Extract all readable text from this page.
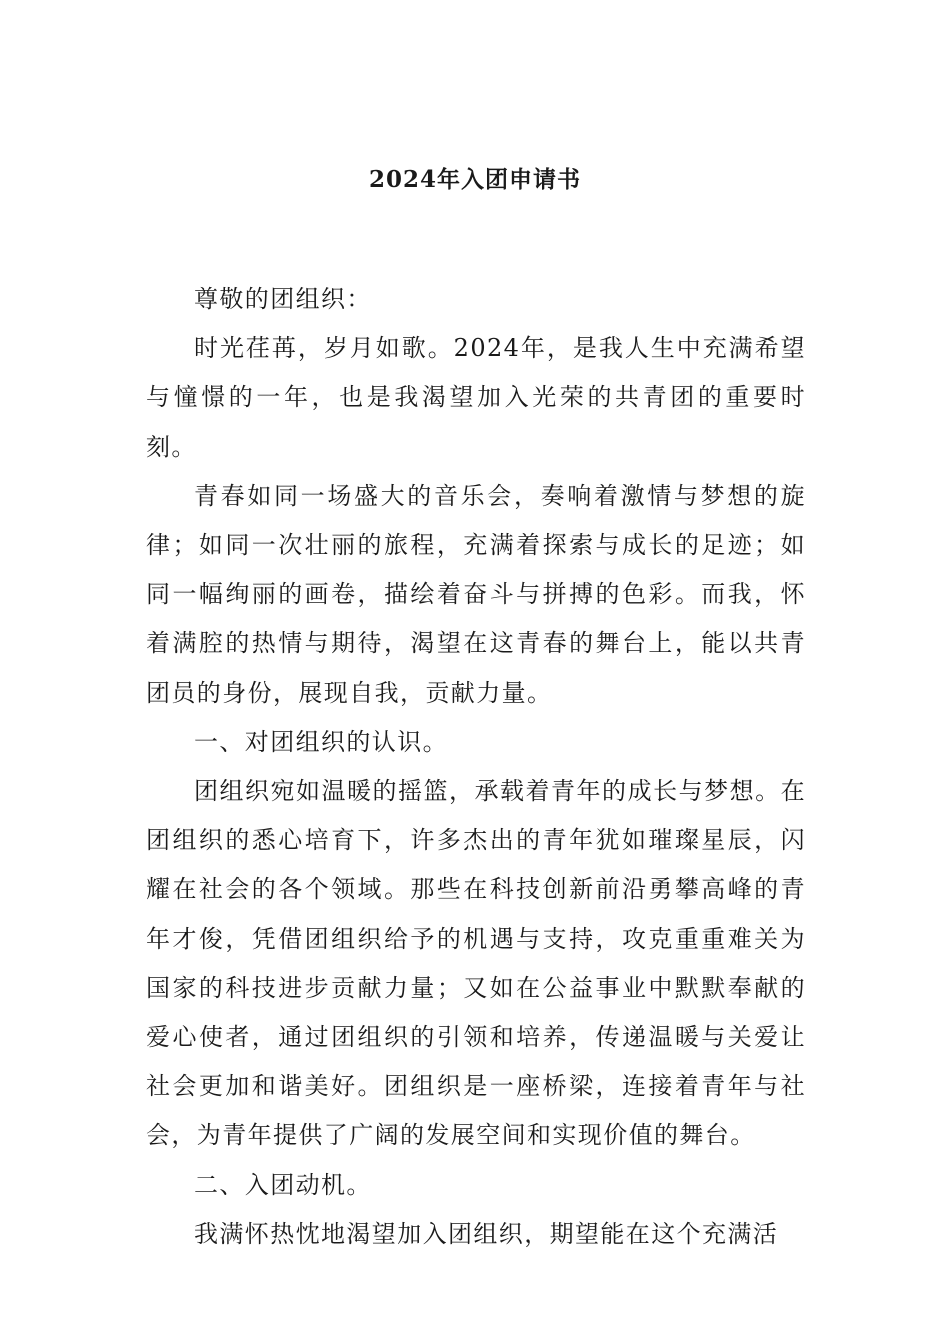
2024年入团申请书

尊敬的团组织：

时光荏苒，岁月如歌。2024年，是我人生中充满希望与憧憬的一年，也是我渴望加入光荣的共青团的重要时刻。

青春如同一场盛大的音乐会，奏响着激情与梦想的旋律；如同一次壮丽的旅程，充满着探索与成长的足迹；如同一幅绚丽的画卷，描绘着奋斗与拼搏的色彩。而我，怀着满腔的热情与期待，渴望在这青春的舞台上，能以共青团员的身份，展现自我，贡献力量。

一、对团组织的认识。

团组织宛如温暖的摇篮，承载着青年的成长与梦想。在团组织的悉心培育下，许多杰出的青年犹如璀璨星辰，闪耀在社会的各个领域。那些在科技创新前沿勇攀高峰的青年才俊，凭借团组织给予的机遇与支持，攻克重重难关为国家的科技进步贡献力量；又如在公益事业中默默奉献的爱心使者，通过团组织的引领和培养，传递温暖与关爱让社会更加和谐美好。团组织是一座桥梁，连接着青年与社会，为青年提供了广阔的发展空间和实现价值的舞台。

二、入团动机。

我满怀热忱地渴望加入团组织，期望能在这个充满活
